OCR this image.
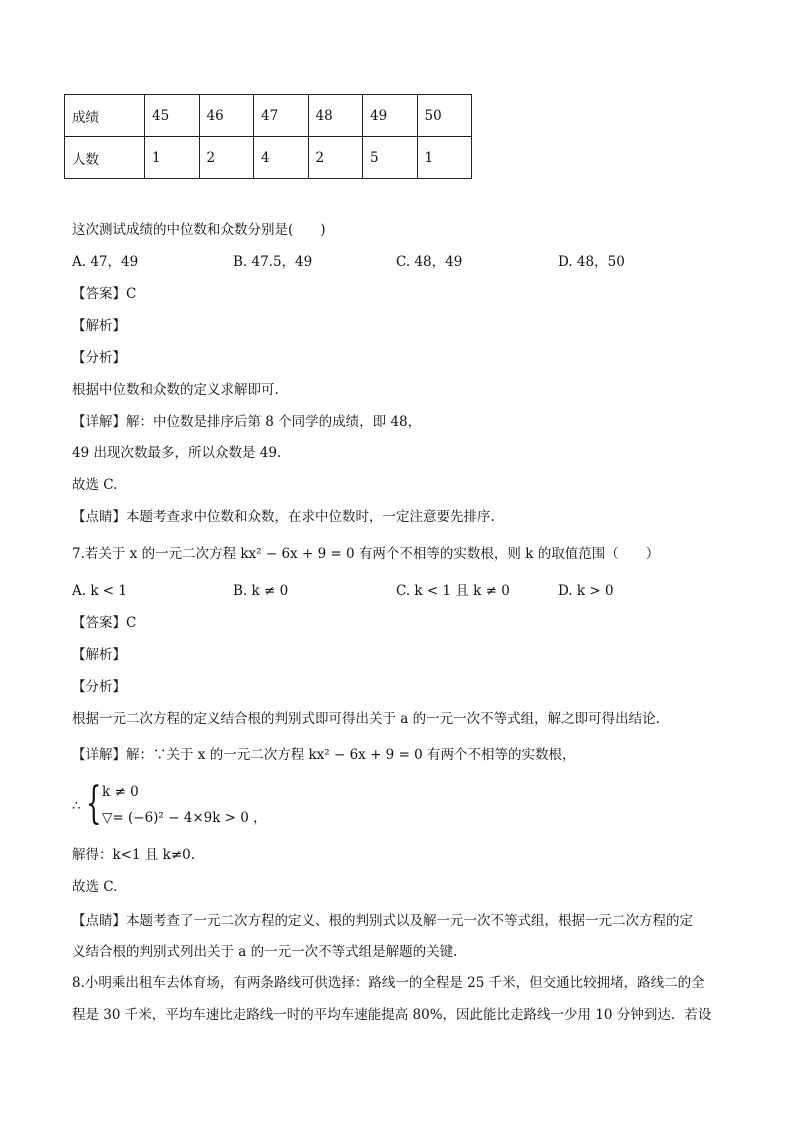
成绩	45	46	47	48	49	50
人数	1	2	4	2	5	1
这次测试成绩的中位数和众数分别是(　　)
A. 47，49	B. 47.5，49	C. 48，49	D. 48，50
【答案】C
【解析】
【分析】
根据中位数和众数的定义求解即可.
【详解】解：中位数是排序后第 8 个同学的成绩，即 48，
49 出现次数最多，所以众数是 49.
故选 C.
【点睛】本题考查求中位数和众数，在求中位数时，一定注意要先排序.
7.若关于 x 的一元二次方程 kx² − 6x + 9 = 0 有两个不相等的实数根，则 k 的取值范围（　　）
A. k < 1	B. k ≠ 0	C. k < 1 且 k ≠ 0	D. k > 0
【答案】C
【解析】
【分析】
根据一元二次方程的定义结合根的判别式即可得出关于 a 的一元一次不等式组，解之即可得出结论.
【详解】解：∵关于 x 的一元二次方程 kx² − 6x + 9 = 0 有两个不相等的实数根，
∴ { k ≠ 0
▽= (−6)² − 4×9k > 0 ，
解得：k<1 且 k≠0.
故选 C.
【点睛】本题考查了一元二次方程的定义、根的判别式以及解一元一次不等式组，根据一元二次方程的定
义结合根的判别式列出关于 a 的一元一次不等式组是解题的关键.
8.小明乘出租车去体育场，有两条路线可供选择：路线一的全程是 25 千米，但交通比较拥堵，路线二的全
程是 30 千米，平均车速比走路线一时的平均车速能提高 80%，因此能比走路线一少用 10 分钟到达．若设
